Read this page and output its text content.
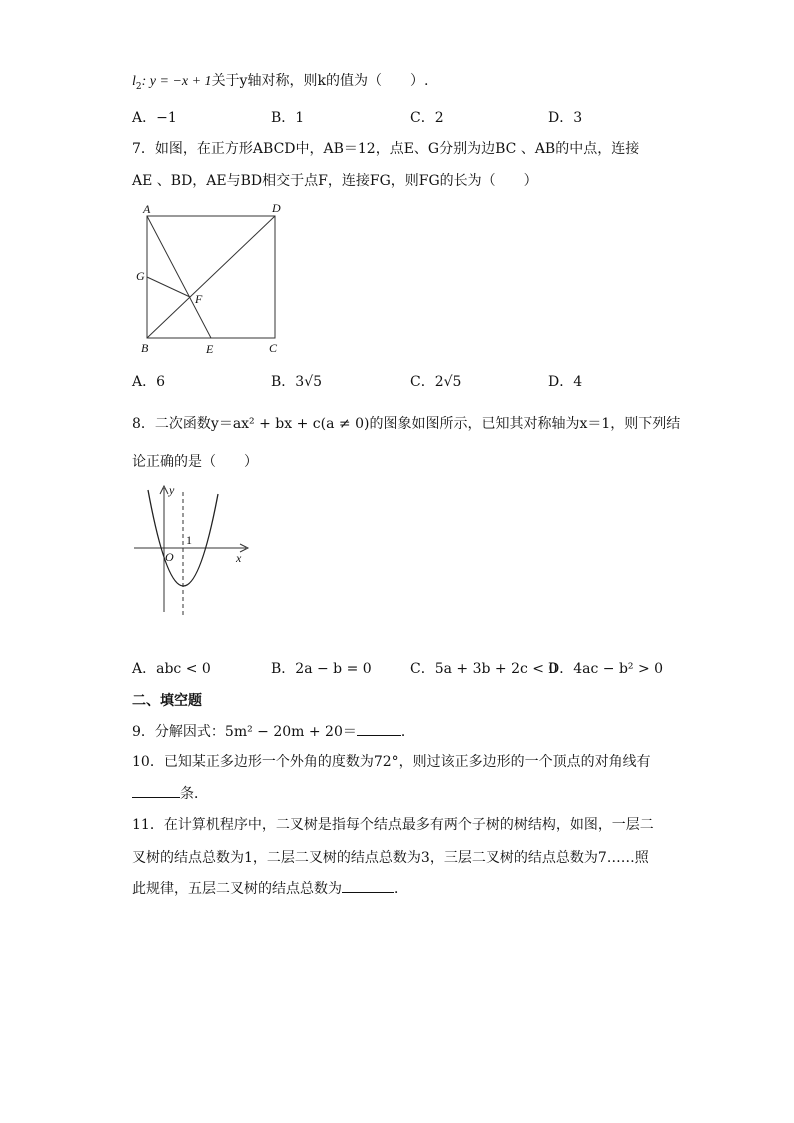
$l_2$: y = −x + 1关于y轴对称，则k的值为（　　）.
A．−1	B．1	C．2	D．3
7．如图，在正方形ABCD中，AB＝12，点E、G分别为边BC 、AB的中点，连接
AE 、BD，AE与BD相交于点F，连接FG，则FG的长为（　　）
A	D
G
F
B	E	C
A．6	B．3√5	C．2√5	D．4
8．二次函数y＝ax² + bx + c(a ≠ 0)的图象如图所示，已知其对称轴为x＝1，则下列结
论正确的是（　　）
y
x
O
1
A．abc < 0	B．2a − b = 0	C．5a + 3b + 2c < 0
D．4ac − b² > 0
二、填空题
9．分解因式：5m² − 20m + 20＝	．
10．已知某正多边形一个外角的度数为72°，则过该正多边形的一个顶点的对角线有
条．
11．在计算机程序中，二叉树是指每个结点最多有两个子树的树结构，如图，一层二
叉树的结点总数为1，二层二叉树的结点总数为3，三层二叉树的结点总数为7……照
此规律，五层二叉树的结点总数为	．
